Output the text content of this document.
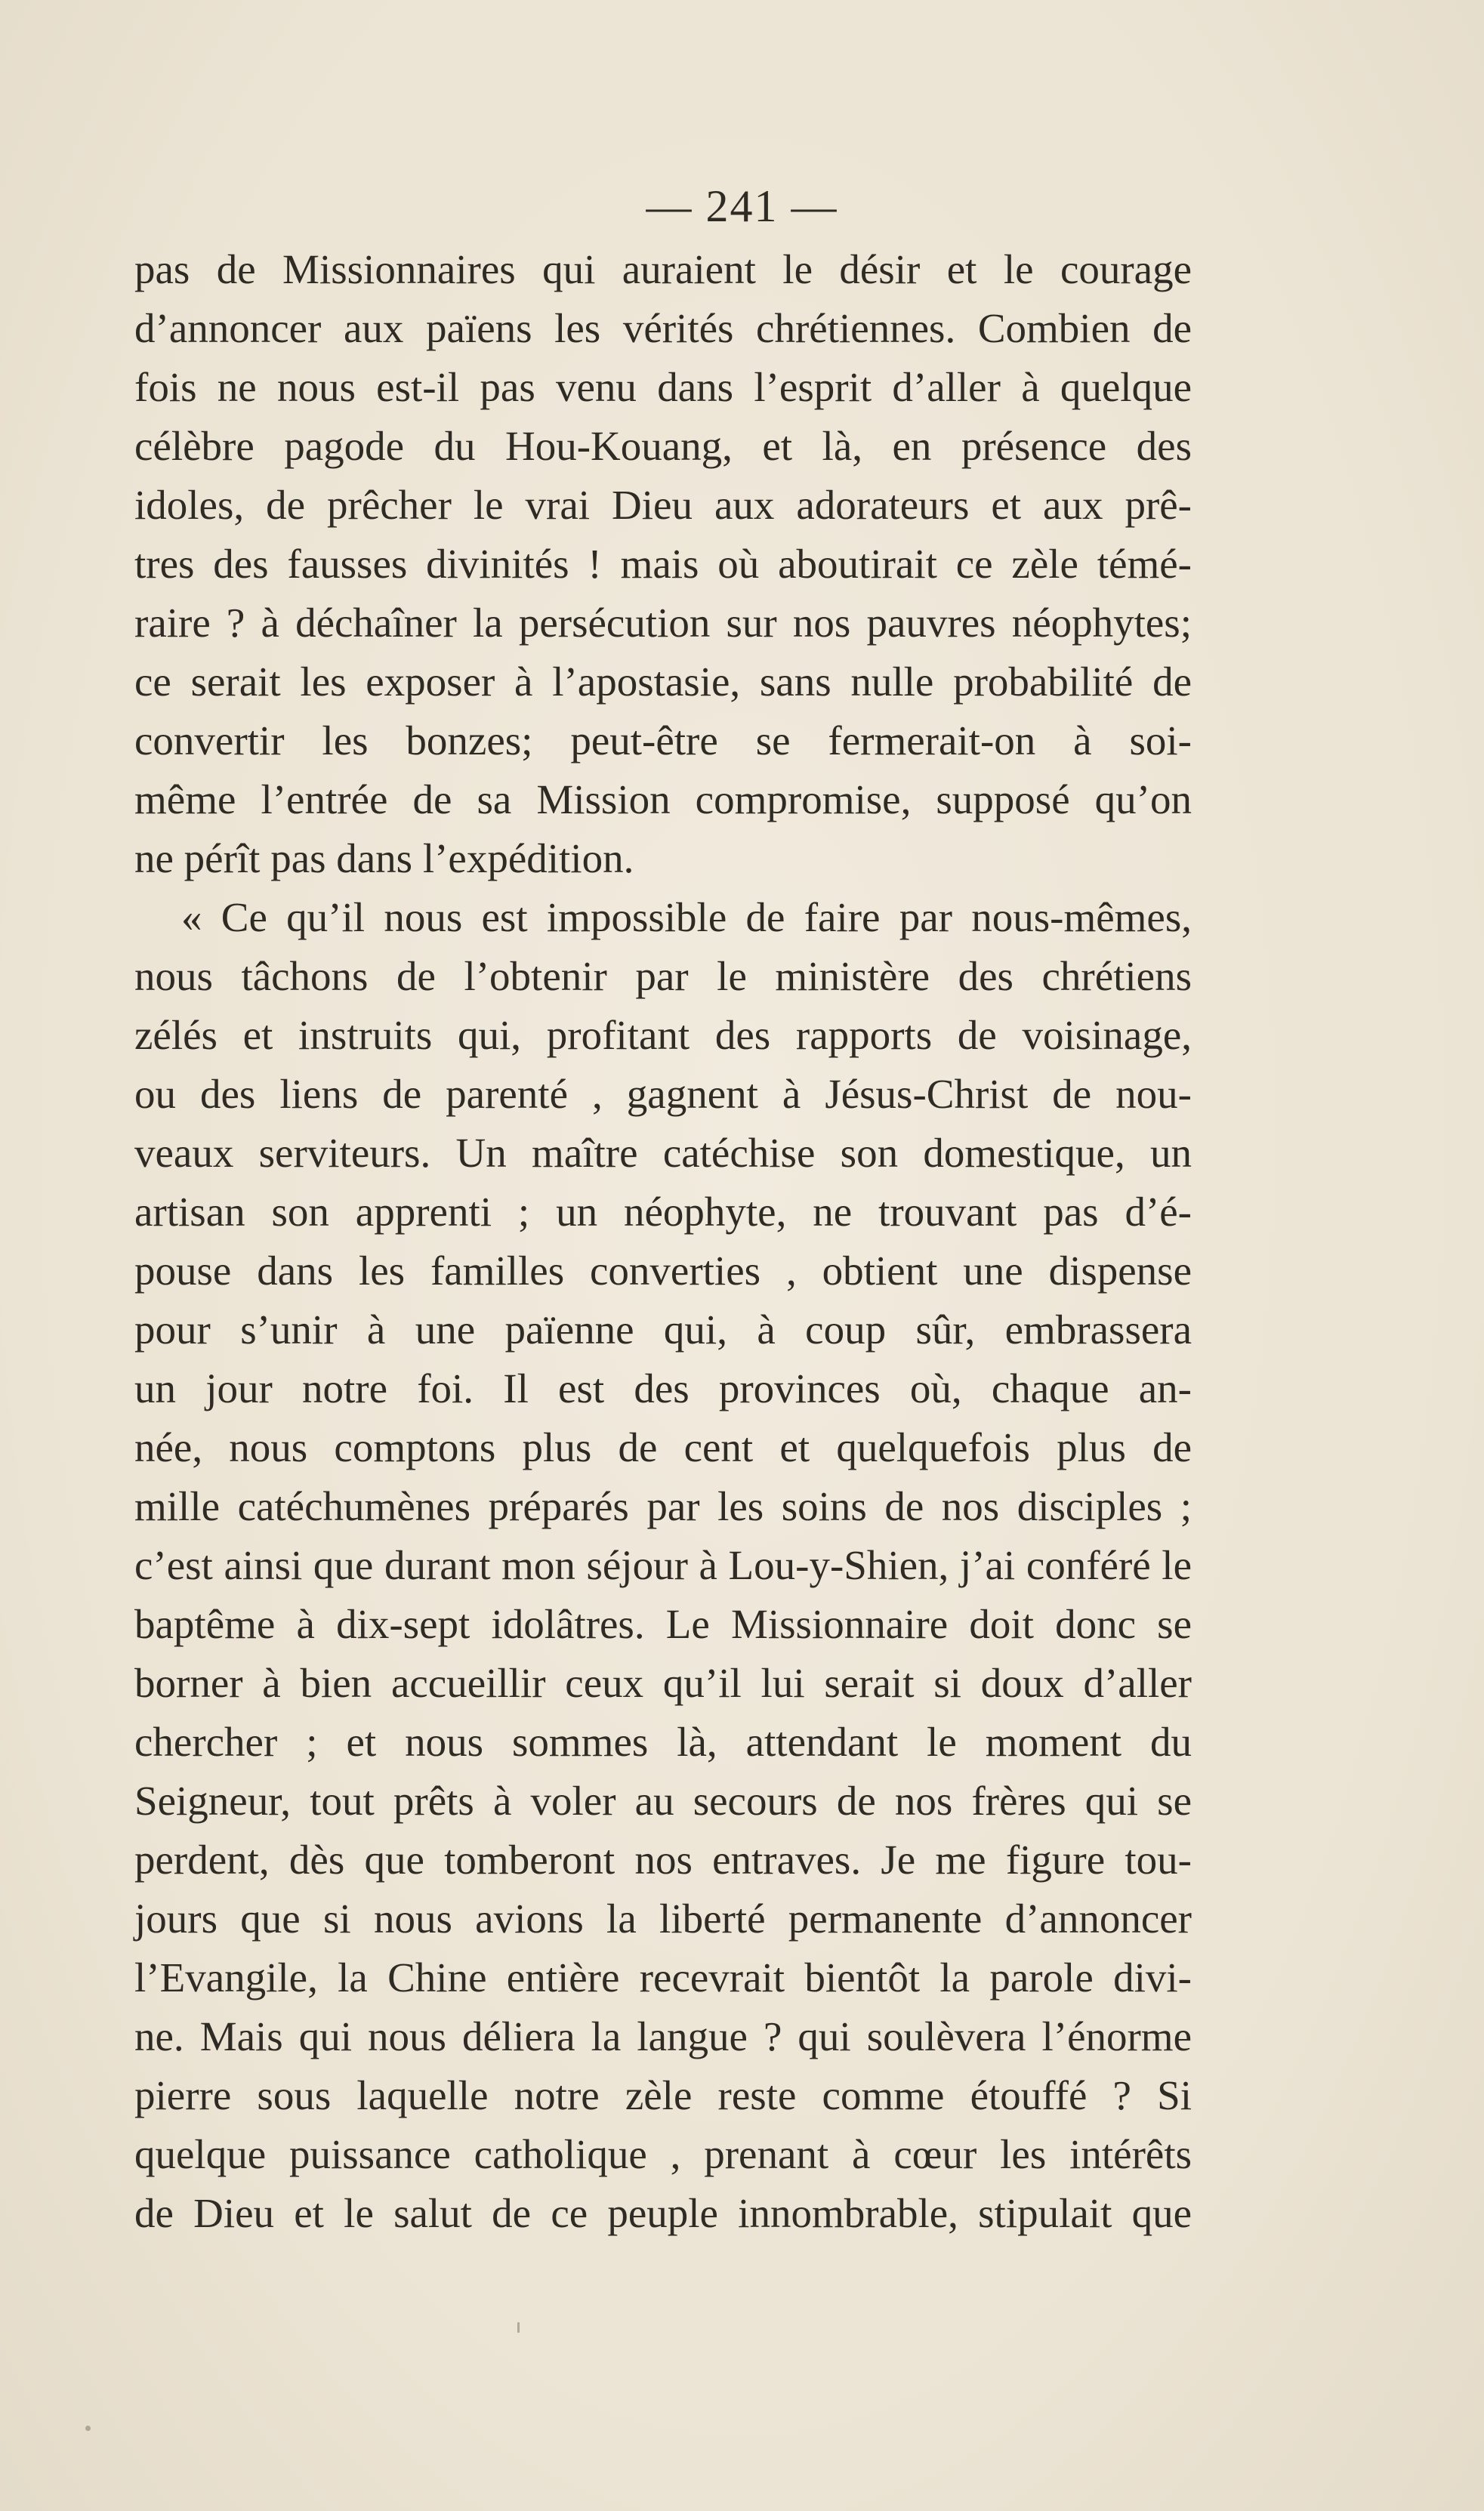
— 241 —
pas de Missionnaires qui auraient le désir et le courage
d’annoncer aux païens les vérités chrétiennes. Combien de
fois ne nous est-il pas venu dans l’esprit d’aller à quelque
célèbre pagode du Hou-Kouang, et là, en présence des
idoles, de prêcher le vrai Dieu aux adorateurs et aux prê-
tres des fausses divinités ! mais où aboutirait ce zèle témé-
raire ? à déchaîner la persécution sur nos pauvres néophytes;
ce serait les exposer à l’apostasie, sans nulle probabilité de
convertir les bonzes; peut-être se fermerait-on à soi-
même l’entrée de sa Mission compromise, supposé qu’on
ne pérît pas dans l’expédition.
« Ce qu’il nous est impossible de faire par nous-mêmes,
nous tâchons de l’obtenir par le ministère des chrétiens
zélés et instruits qui, profitant des rapports de voisinage,
ou des liens de parenté , gagnent à Jésus-Christ de nou-
veaux serviteurs. Un maître catéchise son domestique, un
artisan son apprenti ; un néophyte, ne trouvant pas d’é-
pouse dans les familles converties , obtient une dispense
pour s’unir à une païenne qui, à coup sûr, embrassera
un jour notre foi. Il est des provinces où, chaque an-
née, nous comptons plus de cent et quelquefois plus de
mille catéchumènes préparés par les soins de nos disciples ;
c’est ainsi que durant mon séjour à Lou-y-Shien, j’ai conféré le
baptême à dix-sept idolâtres. Le Missionnaire doit donc se
borner à bien accueillir ceux qu’il lui serait si doux d’aller
chercher ; et nous sommes là, attendant le moment du
Seigneur, tout prêts à voler au secours de nos frères qui se
perdent, dès que tomberont nos entraves. Je me figure tou-
jours que si nous avions la liberté permanente d’annoncer
l’Evangile, la Chine entière recevrait bientôt la parole divi-
ne. Mais qui nous déliera la langue ? qui soulèvera l’énorme
pierre sous laquelle notre zèle reste comme étouffé ? Si
quelque puissance catholique , prenant à cœur les intérêts
de Dieu et le salut de ce peuple innombrable, stipulait que
